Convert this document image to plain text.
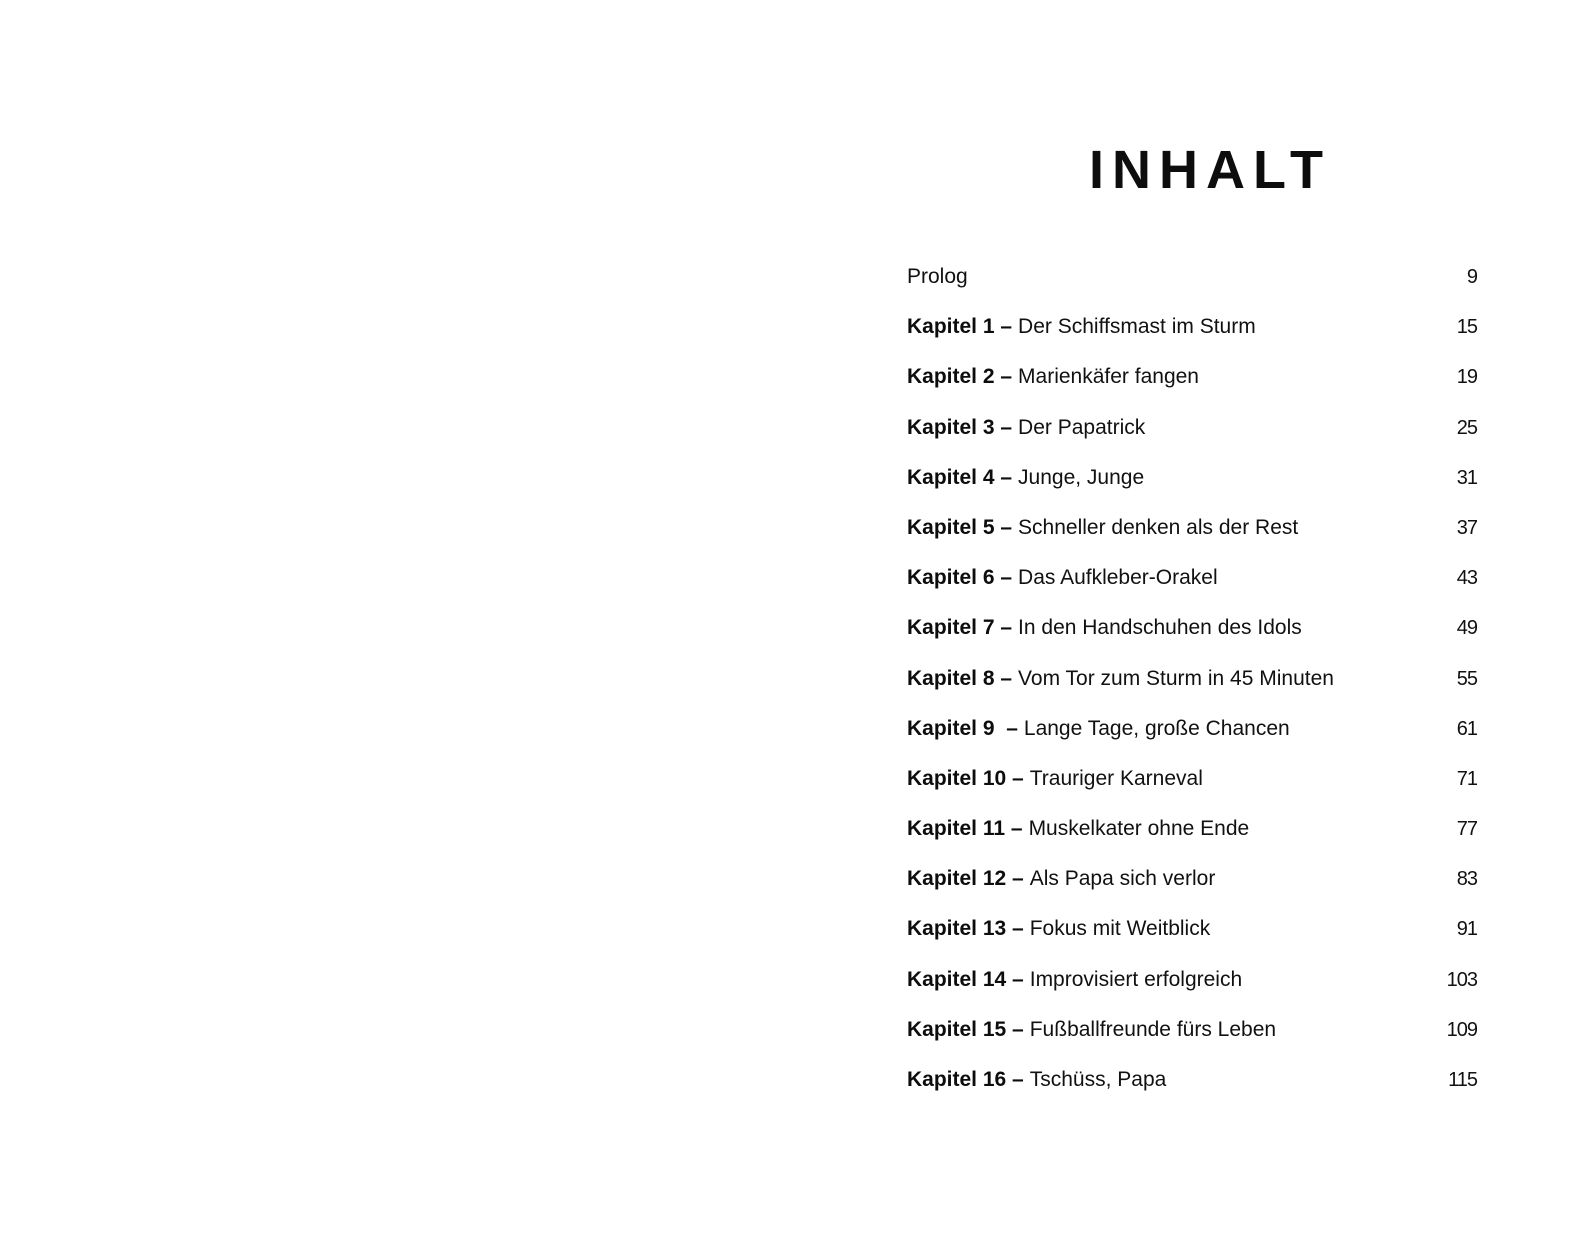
INHALT
Prolog	9
Kapitel 1 – Der Schiffsmast im Sturm	15
Kapitel 2 – Marienkäfer fangen	19
Kapitel 3 – Der Papatrick	25
Kapitel 4 – Junge, Junge	31
Kapitel 5 – Schneller denken als der Rest	37
Kapitel 6 – Das Aufkleber-Orakel	43
Kapitel 7 – In den Handschuhen des Idols	49
Kapitel 8 – Vom Tor zum Sturm in 45 Minuten	55
Kapitel 9  – Lange Tage, große Chancen	61
Kapitel 10 – Trauriger Karneval	71
Kapitel 11 – Muskelkater ohne Ende	77
Kapitel 12 – Als Papa sich verlor	83
Kapitel 13 – Fokus mit Weitblick	91
Kapitel 14 – Improvisiert erfolgreich	103
Kapitel 15 – Fußballfreunde fürs Leben	109
Kapitel 16 – Tschüss, Papa	115
